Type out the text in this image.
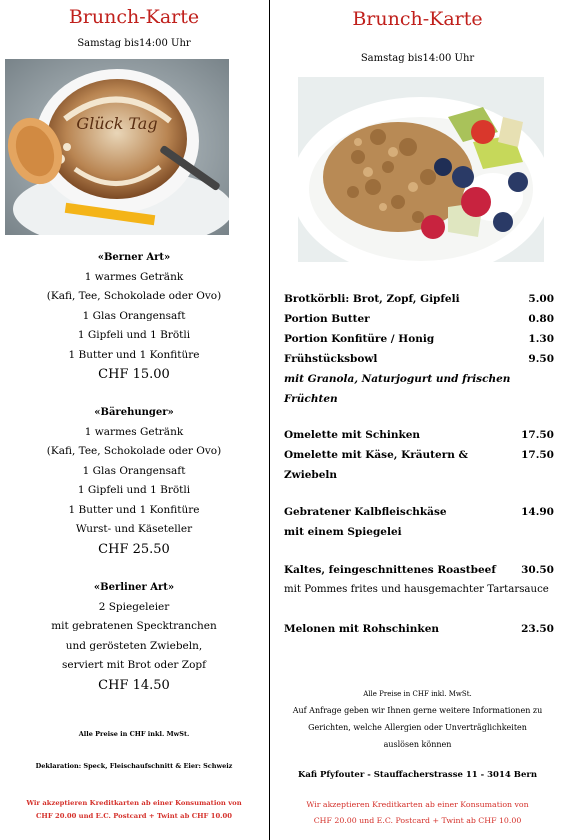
Brunch-Karte
Samstag bis14:00 Uhr
Glück Tag
«Berner Art»
1 warmes Getränk
(Kafi, Tee, Schokolade oder Ovo)
1 Glas Orangensaft
1 Gipfeli und 1 Brötli
1 Butter und 1 Konfitüre
CHF 15.00
«Bärehunger»
1 warmes Getränk
(Kafi, Tee, Schokolade oder Ovo)
1 Glas Orangensaft
1 Gipfeli und 1 Brötli
1 Butter und 1 Konfitüre
Wurst- und Käseteller
CHF 25.50
«Berliner Art»
2 Spiegeleier
mit gebratenen Specktranchen
und gerösteten Zwiebeln,
serviert mit Brot oder Zopf
CHF 14.50
Alle Preise in CHF inkl. MwSt.
Deklaration: Speck, Fleischaufschnitt & Eier: Schweiz
Wir akzeptieren Kreditkarten ab einer Konsumation von
CHF 20.00 und E.C. Postcard + Twint ab CHF 10.00
Brunch-Karte
Samstag bis14:00 Uhr
Brotkörbli: Brot, Zopf, Gipfeli	5.00
Portion Butter	0.80
Portion Konfitüre / Honig	1.30
Frühstücksbowl	9.50
mit Granola, Naturjogurt und frischen Früchten
Omelette mit Schinken	17.50
Omelette mit Käse, Kräutern & Zwiebeln
17.50
Gebratener Kalbfleischkäse	14.90
mit einem Spiegelei
Kaltes, feingeschnittenes Roastbeef 30.50
mit Pommes frites und hausgemachter Tartarsauce
Melonen mit Rohschinken	23.50
Alle Preise in CHF inkl. MwSt.
Auf Anfrage geben wir Ihnen gerne weitere Informationen zu
Gerichten, welche Allergien oder Unverträglichkeiten
auslösen können
Kafi Pfyfouter - Stauffacherstrasse 11 - 3014 Bern
Wir akzeptieren Kreditkarten ab einer Konsumation von
CHF 20.00 und E.C. Postcard + Twint ab CHF 10.00
